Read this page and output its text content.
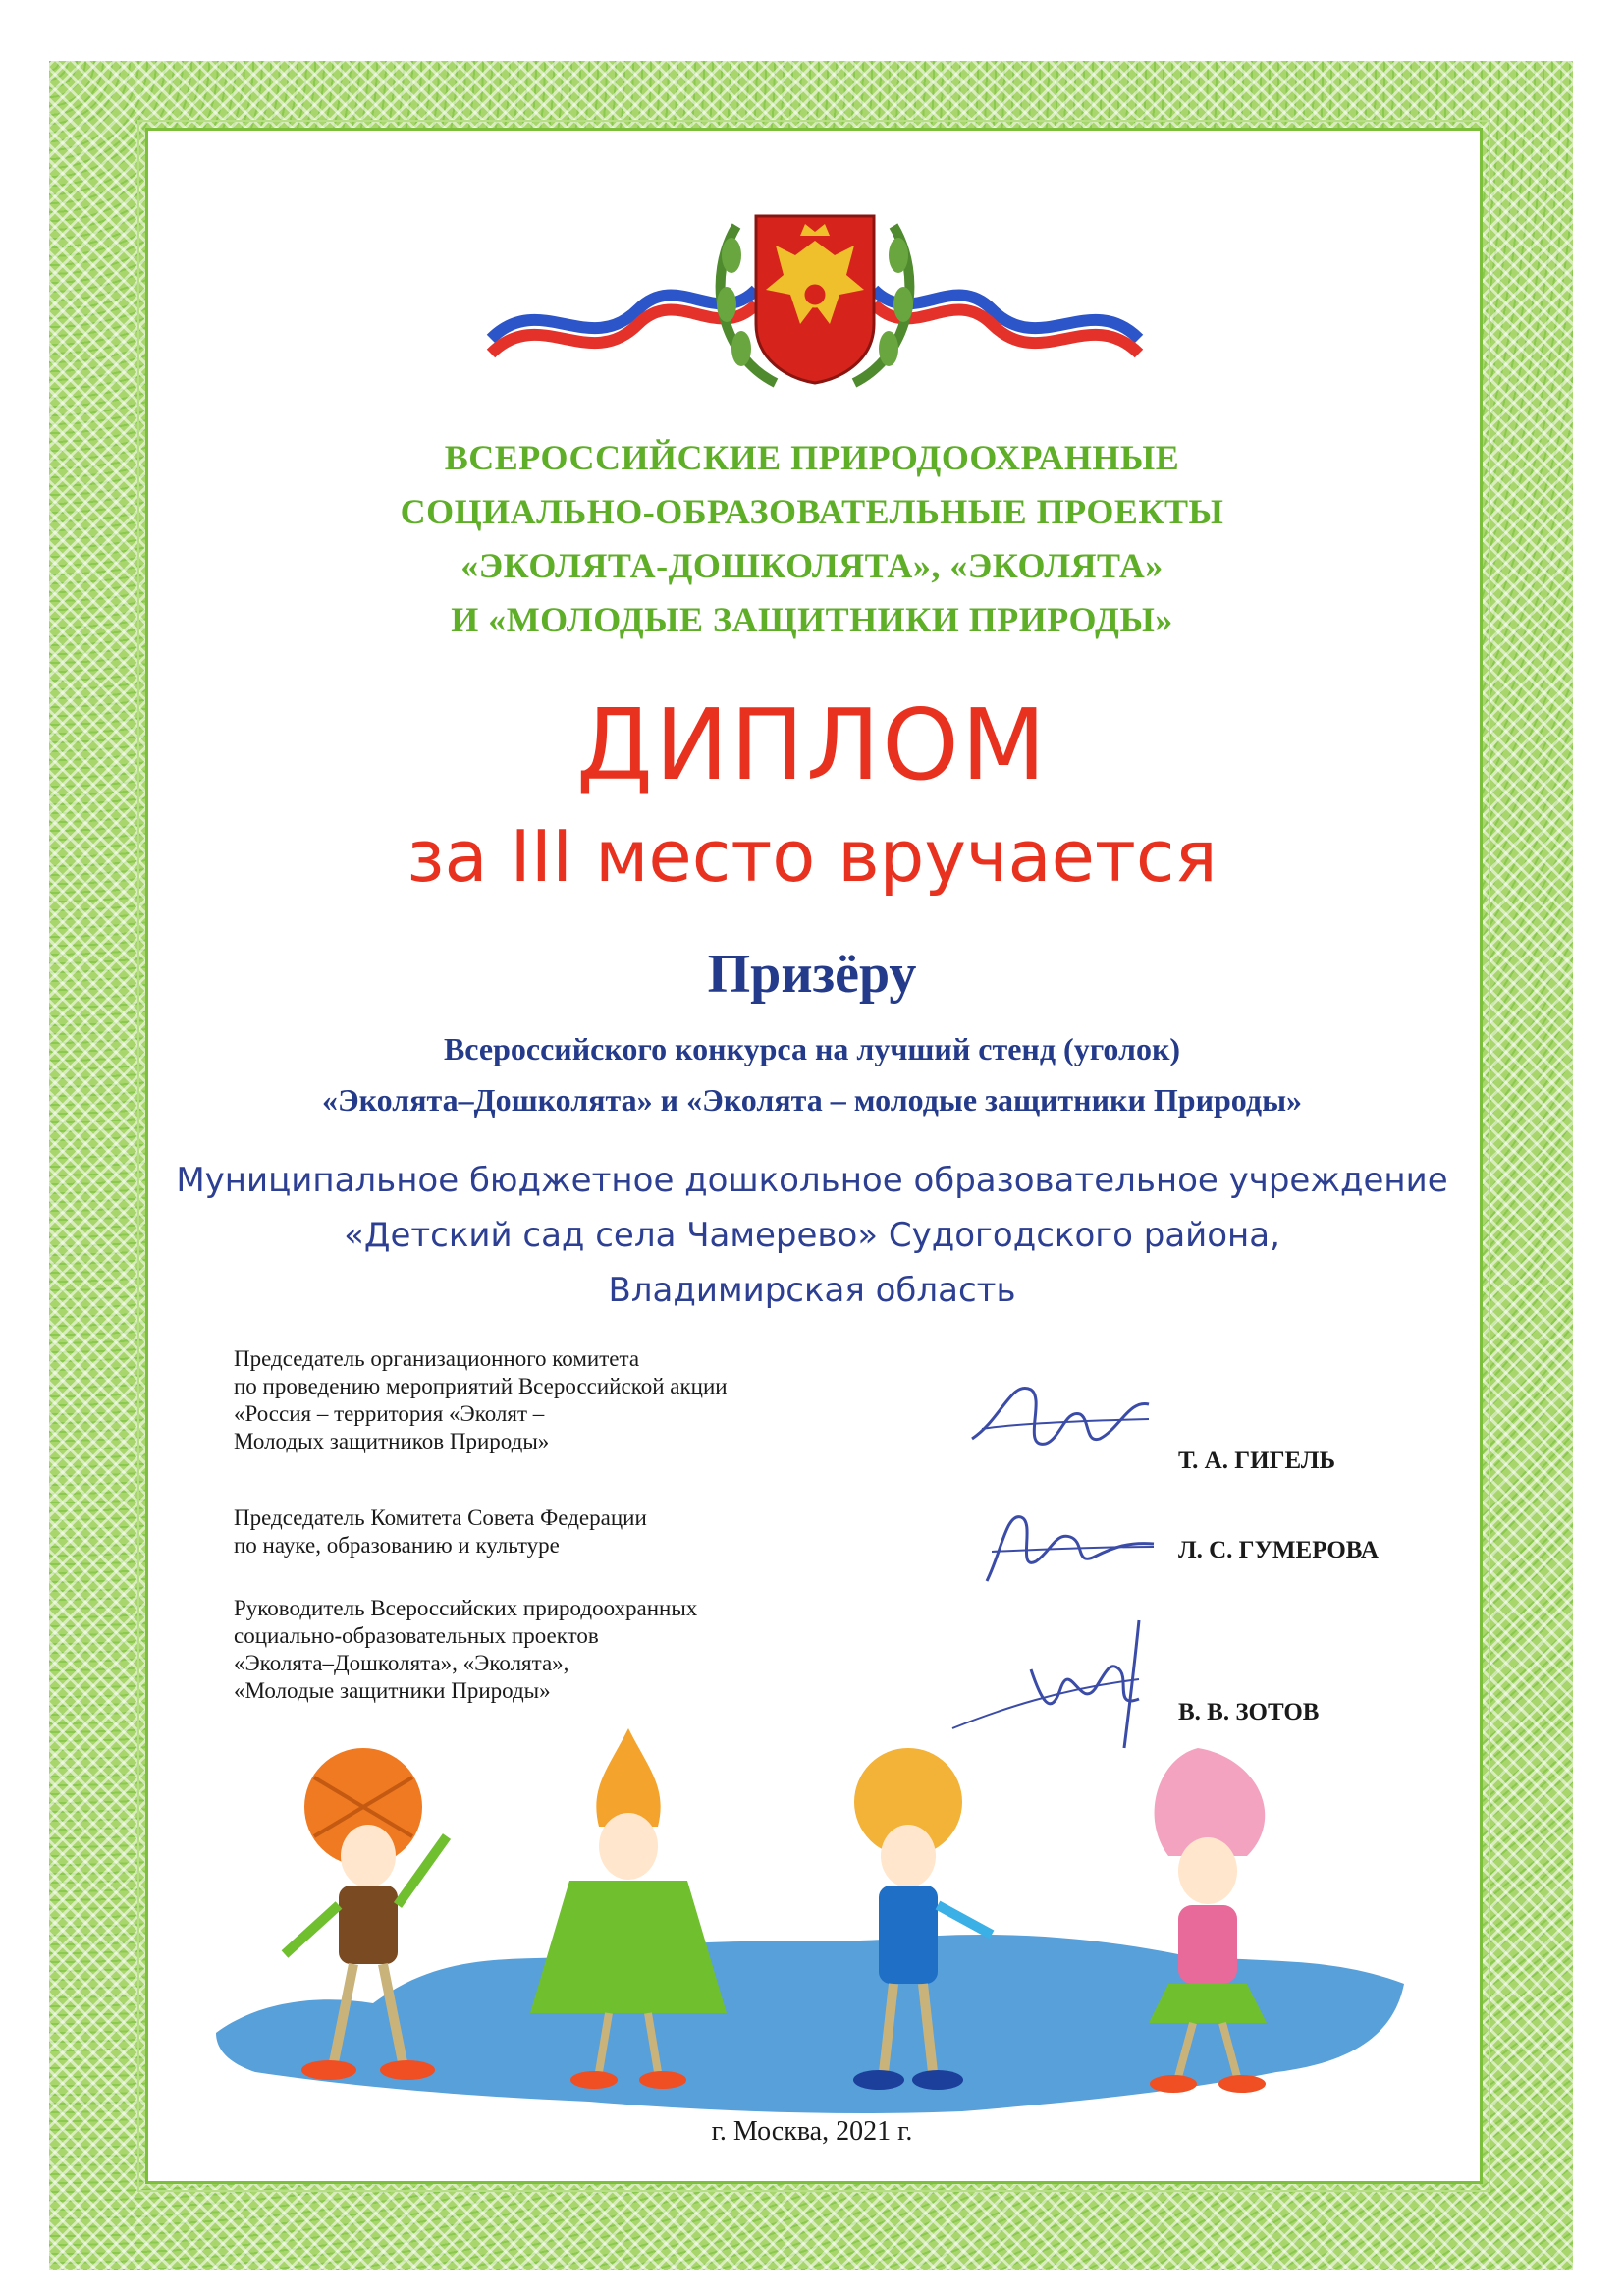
ВСЕРОССИЙСКИЕ ПРИРОДООХРАННЫЕ
СОЦИАЛЬНО-ОБРАЗОВАТЕЛЬНЫЕ ПРОЕКТЫ
«ЭКОЛЯТА-ДОШКОЛЯТА», «ЭКОЛЯТА»
И «МОЛОДЫЕ ЗАЩИТНИКИ ПРИРОДЫ»
ДИПЛОМ
за III место вручается
Призёру
Всероссийского конкурса на лучший стенд (уголок)
«Эколята–Дошколята» и «Эколята – молодые защитники Природы»
Муниципальное бюджетное дошкольное образовательное учреждение
«Детский сад села Чамерево» Судогодского района,
Владимирская область
Председатель организационного комитета
по проведению мероприятий Всероссийской акции
«Россия – территория «Эколят –
Молодых защитников Природы»
Т. А. ГИГЕЛЬ
Председатель Комитета Совета Федерации
по науке, образованию и культуре	Л. С. ГУМЕРОВА
Руководитель Всероссийских природоохранных
социально-образовательных проектов
«Эколята–Дошколята», «Эколята»,
«Молодые защитники Природы»
В. В. ЗОТОВ
г. Москва, 2021 г.
